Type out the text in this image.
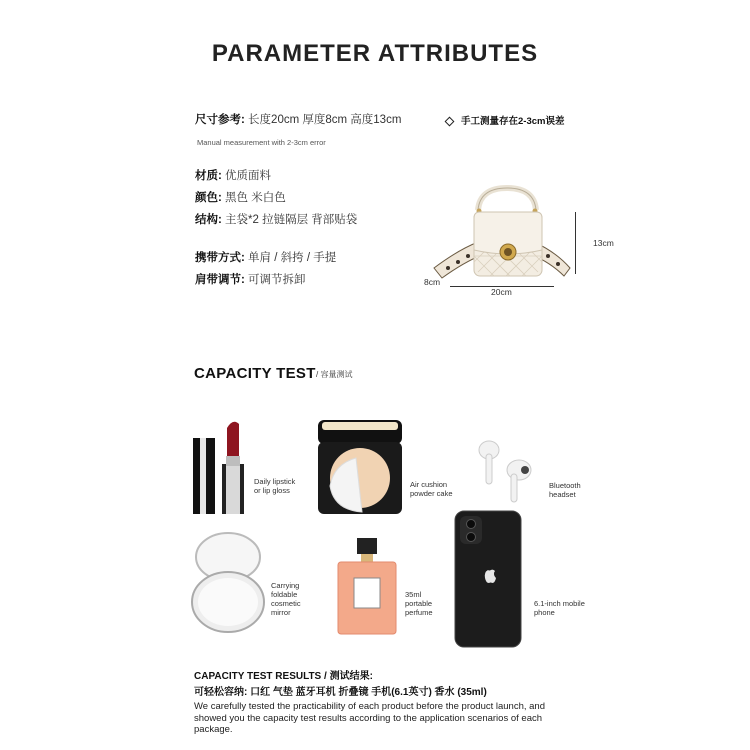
PARAMETER ATTRIBUTES
尺寸参考: 长度20cm 厚度8cm 高度13cm	手工测量存在2-3cm误差
Manual measurement with 2-3cm error
材质: 优质面料
颜色: 黑色 米白色
结构: 主袋*2 拉链隔层 背部贴袋
携带方式: 单肩 / 斜挎 / 手提
肩带调节: 可调节拆卸
13cm
20cm
8cm
CAPACITY TEST / 容量测试
Daily lipstick or lip gloss
Air cushion powder cake
Bluetooth headset
Carrying foldable cosmetic mirror
35ml portable perfume
6.1-inch mobile phone
CAPACITY TEST RESULTS / 测试结果:
可轻松容纳: 口红 气垫 蓝牙耳机 折叠镜 手机(6.1英寸) 香水 (35ml)
We carefully tested the practicability of each product before the product launch, and showed you the capacity test results according to the application scenarios of each package.
